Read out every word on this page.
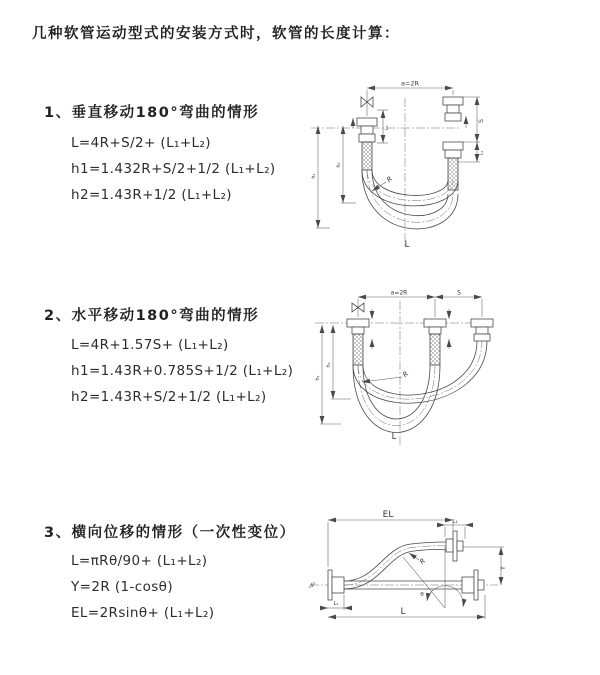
几种软管运动型式的安装方式时，软管的长度计算：
1、垂直移动180°弯曲的情形
L=4R+S/2+ (L₁+L₂)
h1=1.432R+S/2+1/2 (L₁+L₂)
h2=1.43R+1/2 (L₁+L₂)
2、水平移动180°弯曲的情形
L=4R+1.57S+ (L₁+L₂)
h1=1.43R+0.785S+1/2 (L₁+L₂)
h2=1.43R+S/2+1/2 (L₁+L₂)
3、横向位移的情形（一次性变位）
L=πRθ/90+ (L₁+L₂)
Y=2R (1-cosθ)
EL=2Rsinθ+ (L₁+L₂)
a=2R
L₁
S
L₁
h₁
h₂
R
L
a=2R	S
h₁
h₂
R
L
EL
L₁
θ
R
Y
L₁
L
